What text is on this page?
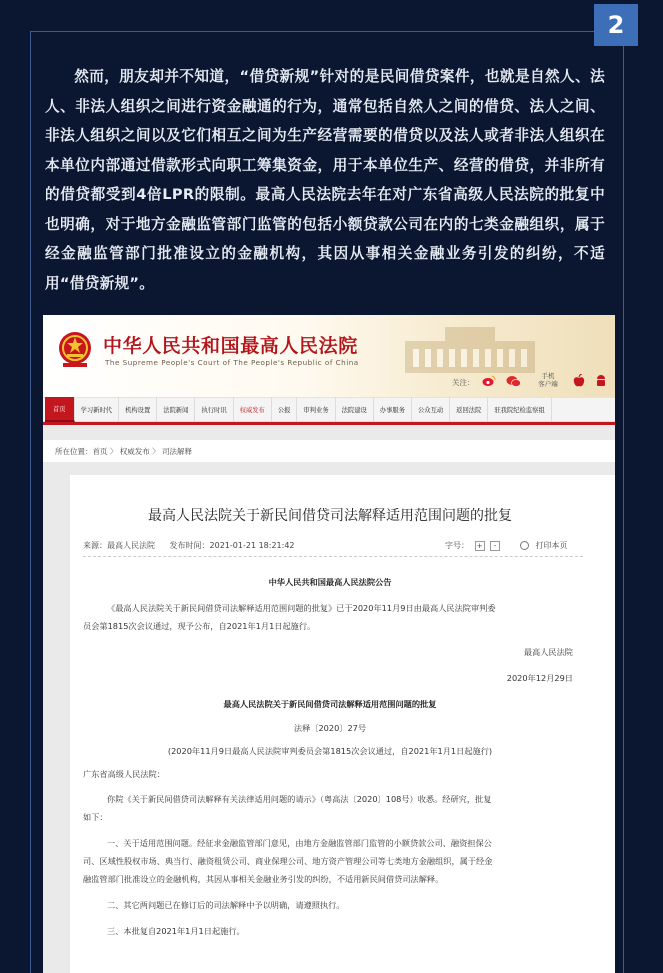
2
然而，朋友却并不知道，“借贷新规”针对的是民间借贷案件，也就是自然人、法人、非法人组织之间进行资金融通的行为，通常包括自然人之间的借贷、法人之间、非法人组织之间以及它们相互之间为生产经营需要的借贷以及法人或者非法人组织在本单位内部通过借款形式向职工筹集资金，用于本单位生产、经营的借贷，并非所有的借贷都受到4倍LPR的限制。最高人民法院去年在对广东省高级人民法院的批复中也明确，对于地方金融监管部门监管的包括小额贷款公司在内的七类金融组织，属于经金融监管部门批准设立的金融机构，其因从事相关金融业务引发的纠纷，不适用“借贷新规”。
中华人民共和国最高人民法院
The Supreme People's Court of The People's Republic of China
关注：
手机
客户端
首页	学习新时代	机构设置	法院新闻	执行时讯	权威发布	公报	审判业务	法院建设	办事服务	公众互动	返回法院	驻我院纪检监察组
所在位置：首页 〉 权威发布 〉 司法解释
最高人民法院关于新民间借贷司法解释适用范围问题的批复
来源：最高人民法院 发布时间：2021-01-21 18:21:42	字号： + -	打印本页
中华人民共和国最高人民法院公告
《最高人民法院关于新民间借贷司法解释适用范围问题的批复》已于2020年11月9日由最高人民法院审判委
员会第1815次会议通过，现予公布，自2021年1月1日起施行。
最高人民法院
2020年12月29日
最高人民法院关于新民间借贷司法解释适用范围问题的批复
法释〔2020〕27号
(2020年11月9日最高人民法院审判委员会第1815次会议通过，自2021年1月1日起施行)
广东省高级人民法院：
你院《关于新民间借贷司法解释有关法律适用问题的请示》（粤高法〔2020〕108号）收悉。经研究，批复
如下：
一、关于适用范围问题。经征求金融监管部门意见，由地方金融监管部门监管的小额贷款公司、融资担保公
司、区域性股权市场、典当行、融资租赁公司、商业保理公司、地方资产管理公司等七类地方金融组织，属于经金
融监管部门批准设立的金融机构，其因从事相关金融业务引发的纠纷，不适用新民间借贷司法解释。
二、其它两问题已在修订后的司法解释中予以明确，请遵照执行。
三、本批复自2021年1月1日起施行。
